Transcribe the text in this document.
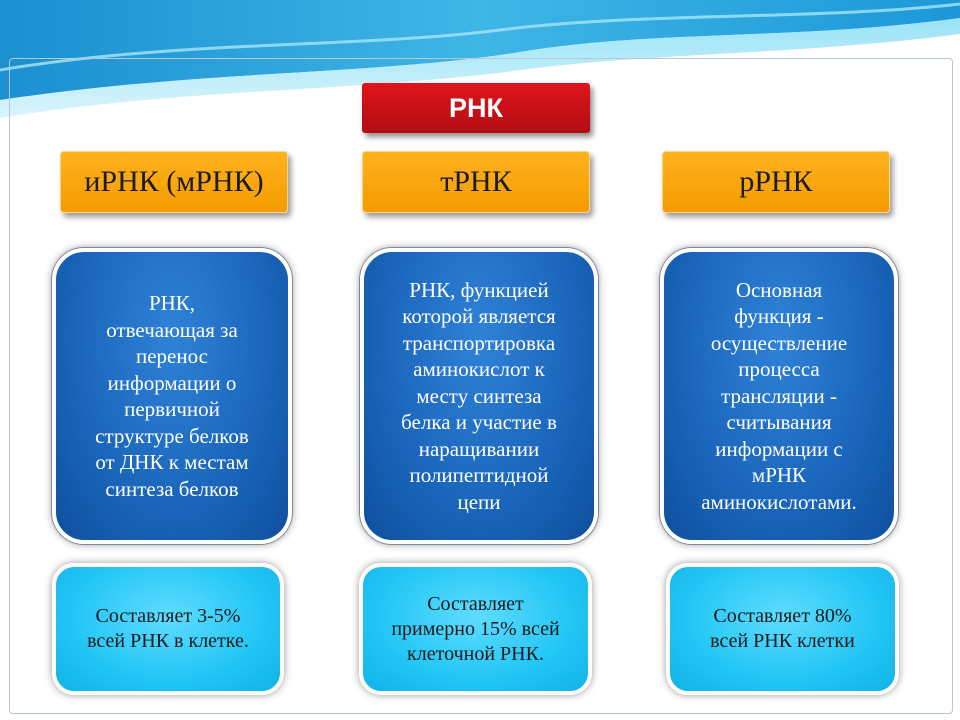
РНК
иРНК (мРНК)	тРНК	рРНК
РНК,
отвечающая за
перенос
информации о
первичной
структуре белков
от ДНК к местам
синтеза белков
РНК, функцией
которой является
транспортировка
аминокислот к
месту синтеза
белка и участие в
наращивании
полипептидной
цепи
Основная
функция -
осуществление
процесса
трансляции -
считывания
информации с
мРНК
аминокислотами.
Составляет 3-5%
всей РНК в клетке.
Составляет
примерно 15% всей
клеточной РНК.
Составляет 80%
всей РНК клетки
